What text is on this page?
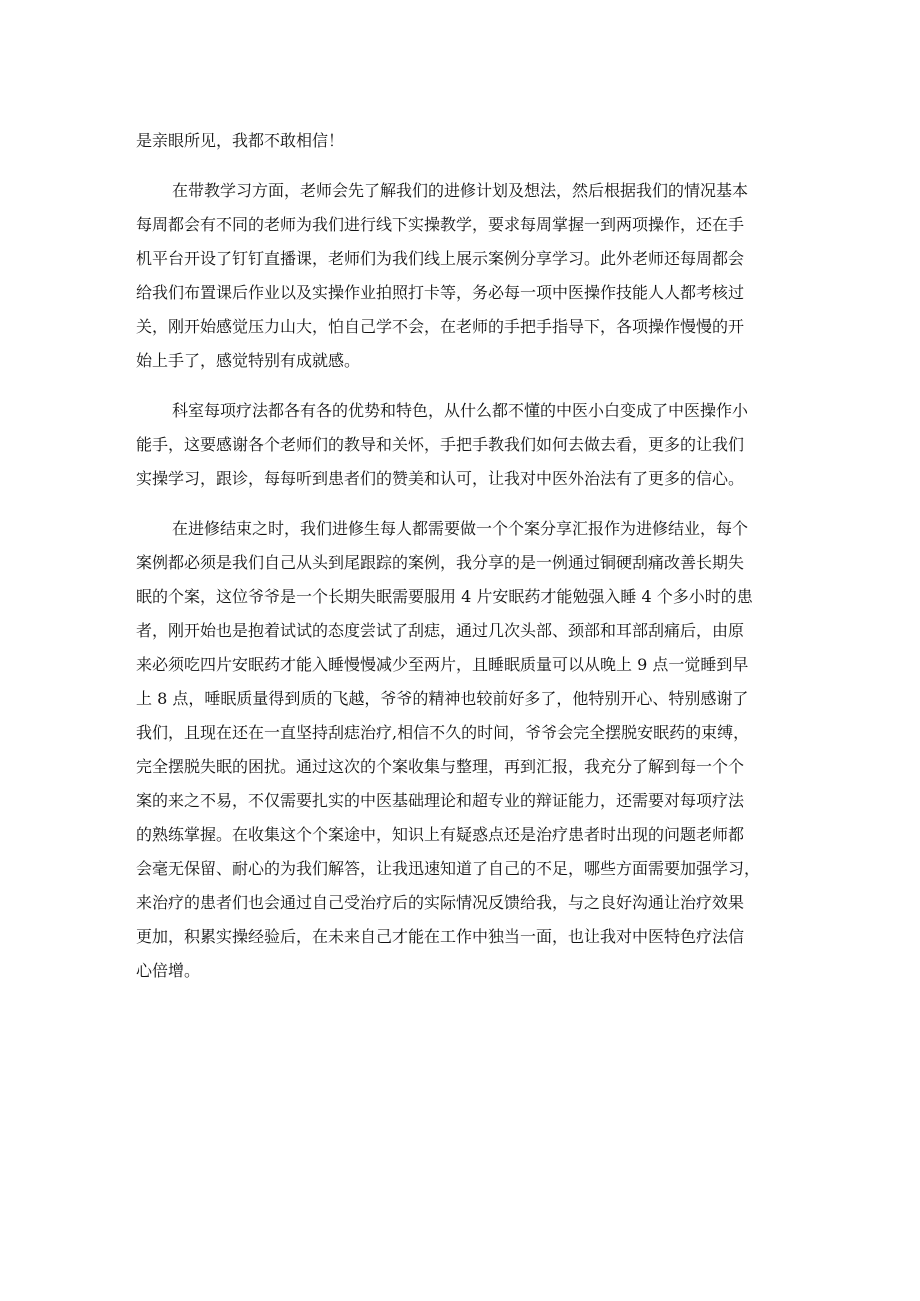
是亲眼所见，我都不敢相信！
在带教学习方面，老师会先了解我们的进修计划及想法，然后根据我们的情况基本
每周都会有不同的老师为我们进行线下实操教学，要求每周掌握一到两项操作，还在手
机平台开设了钉钉直播课，老师们为我们线上展示案例分享学习。此外老师还每周都会
给我们布置课后作业以及实操作业拍照打卡等，务必每一项中医操作技能人人都考核过
关，刚开始感觉压力山大，怕自己学不会，在老师的手把手指导下，各项操作慢慢的开
始上手了，感觉特别有成就感。
科室每项疗法都各有各的优势和特色，从什么都不懂的中医小白变成了中医操作小
能手，这要感谢各个老师们的教导和关怀，手把手教我们如何去做去看，更多的让我们
实操学习，跟诊，每每听到患者们的赞美和认可，让我对中医外治法有了更多的信心。
在进修结束之时，我们进修生每人都需要做一个个案分享汇报作为进修结业，每个
案例都必须是我们自己从头到尾跟踪的案例，我分享的是一例通过铜硬刮痛改善长期失
眠的个案，这位爷爷是一个长期失眠需要服用 4 片安眠药才能勉强入睡 4 个多小时的患
者，刚开始也是抱着试试的态度尝试了刮痣，通过几次头部、颈部和耳部刮痛后，由原
来必须吃四片安眠药才能入睡慢慢减少至两片，且睡眠质量可以从晚上 9 点一觉睡到早
上 8 点，唾眠质量得到质的飞越，爷爷的精神也较前好多了，他特别开心、特别感谢了
我们，且现在还在一直坚持刮痣治疗,相信不久的时间，爷爷会完全摆脱安眠药的束缚，
完全摆脱失眠的困扰。通过这次的个案收集与整理，再到汇报，我充分了解到每一个个
案的来之不易，不仅需要扎实的中医基础理论和超专业的辩证能力，还需要对每项疗法
的熟练掌握。在收集这个个案途中，知识上有疑惑点还是治疗患者时出现的问题老师都
会毫无保留、耐心的为我们解答，让我迅速知道了自己的不足，哪些方面需要加强学习，
来治疗的患者们也会通过自己受治疗后的实际情况反馈给我，与之良好沟通让治疗效果
更加，积累实操经验后，在未来自己才能在工作中独当一面，也让我对中医特色疗法信
心倍增。
